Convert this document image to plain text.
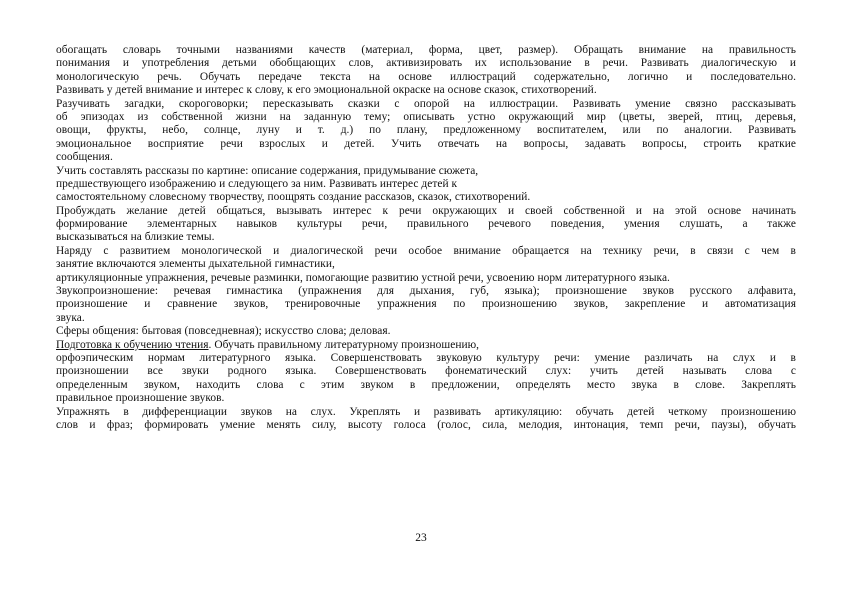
обогащать словарь точными названиями качеств (материал, форма, цвет, размер). Обращать внимание на правильность
понимания и употребления детьми обобщающих слов, активизировать их использование в речи. Развивать диалогическую и
монологическую речь. Обучать передаче текста на основе иллюстраций содержательно, логично и последовательно.
Развивать у детей внимание и интерес к слову, к его эмоциональной окраске на основе сказок, стихотворений.
Разучивать загадки, скороговорки; пересказывать сказки с опорой на иллюстрации. Развивать умение связно рассказывать
об эпизодах из собственной жизни на заданную тему; описывать устно окружающий мир (цветы, зверей, птиц, деревья,
овощи, фрукты, небо, солнце, луну и т. д.) по плану, предложенному воспитателем, или по аналогии. Развивать
эмоциональное восприятие речи взрослых и детей. Учить отвечать на вопросы, задавать вопросы, строить краткие
сообщения.
Учить составлять рассказы по картине: описание содержания, придумывание сюжета,
предшествующего изображению и следующего за ним. Развивать интерес детей к
самостоятельному словесному творчеству, поощрять создание рассказов, сказок, стихотворений.
Пробуждать желание детей общаться, вызывать интерес к речи окружающих и своей собственной и на этой основе начинать
формирование элементарных навыков культуры речи, правильного речевого поведения, умения слушать, а также
высказываться на близкие темы.
Наряду с развитием монологической и диалогической речи особое внимание обращается на технику речи, в связи с чем в
занятие включаются элементы дыхательной гимнастики,
артикуляционные упражнения, речевые разминки, помогающие развитию устной речи, усвоению норм литературного языка.
Звукопроизношение: речевая гимнастика (упражнения для дыхания, губ, языка); произношение звуков русского алфавита,
произношение и сравнение звуков, тренировочные упражнения по произношению звуков, закрепление и автоматизация
звука.
Сферы общения: бытовая (повседневная); искусство слова; деловая.
Подготовка к обучению чтения. Обучать правильному литературному произношению,
орфоэпическим нормам литературного языка. Совершенствовать звуковую культуру речи: умение различать на слух и в
произношении все звуки родного языка. Совершенствовать фонематический слух: учить детей называть слова с
определенным звуком, находить слова с этим звуком в предложении, определять место звука в слове. Закреплять
правильное произношение звуков.
Упражнять в дифференциации звуков на слух. Укреплять и развивать артикуляцию: обучать детей четкому произношению
слов и фраз; формировать умение менять силу, высоту голоса (голос, сила, мелодия, интонация, темп речи, паузы), обучать
23
